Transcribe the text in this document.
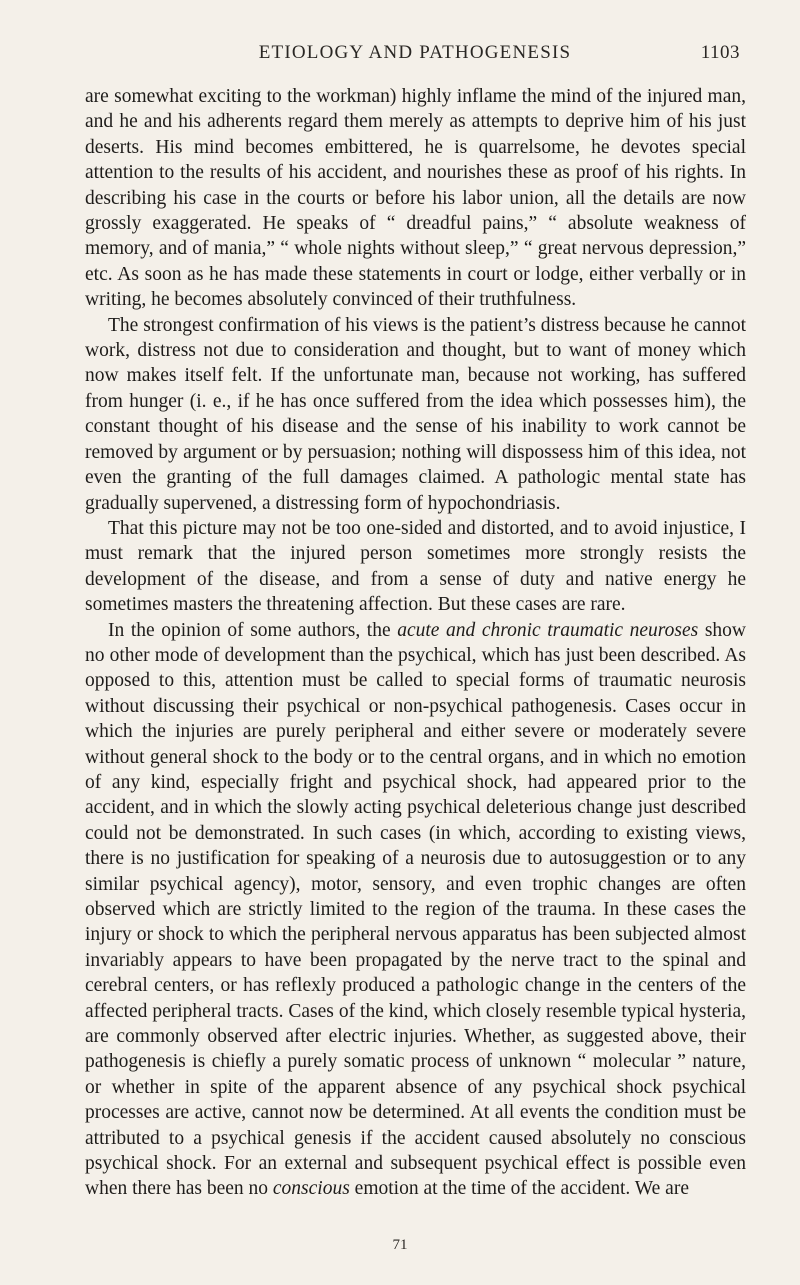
ETIOLOGY AND PATHOGENESIS	1103

are somewhat exciting to the workman) highly inflame the mind of the injured man, and he and his adherents regard them merely as attempts to deprive him of his just deserts. His mind becomes embittered, he is quarrelsome, he devotes special attention to the results of his accident, and nourishes these as proof of his rights. In describing his case in the courts or before his labor union, all the details are now grossly exaggerated. He speaks of “ dreadful pains,” “ absolute weakness of memory, and of mania,” “ whole nights without sleep,” “ great nervous depression,” etc. As soon as he has made these statements in court or lodge, either verbally or in writing, he becomes absolutely convinced of their truthfulness.

The strongest confirmation of his views is the patient’s distress because he cannot work, distress not due to consideration and thought, but to want of money which now makes itself felt. If the unfortunate man, because not working, has suffered from hunger (i. e., if he has once suffered from the idea which possesses him), the constant thought of his disease and the sense of his inability to work cannot be removed by argument or by persuasion; nothing will dispossess him of this idea, not even the granting of the full damages claimed. A pathologic mental state has gradually supervened, a distressing form of hypochondriasis.

That this picture may not be too one-sided and distorted, and to avoid injustice, I must remark that the injured person sometimes more strongly resists the development of the disease, and from a sense of duty and native energy he sometimes masters the threatening affection. But these cases are rare.

In the opinion of some authors, the acute and chronic traumatic neuroses show no other mode of development than the psychical, which has just been described. As opposed to this, attention must be called to special forms of traumatic neurosis without discussing their psychical or non-psychical pathogenesis. Cases occur in which the injuries are purely peripheral and either severe or moderately severe without general shock to the body or to the central organs, and in which no emotion of any kind, especially fright and psychical shock, had appeared prior to the accident, and in which the slowly acting psychical deleterious change just described could not be demonstrated. In such cases (in which, according to existing views, there is no justification for speaking of a neurosis due to autosuggestion or to any similar psychical agency), motor, sensory, and even trophic changes are often observed which are strictly limited to the region of the trauma. In these cases the injury or shock to which the peripheral nervous apparatus has been subjected almost invariably appears to have been propagated by the nerve tract to the spinal and cerebral centers, or has reflexly produced a pathologic change in the centers of the affected peripheral tracts. Cases of the kind, which closely resemble typical hysteria, are commonly observed after electric injuries. Whether, as suggested above, their pathogenesis is chiefly a purely somatic process of unknown “ molecular ” nature, or whether in spite of the apparent absence of any psychical shock psychical processes are active, cannot now be determined. At all events the condition must be attributed to a psychical genesis if the accident caused absolutely no conscious psychical shock. For an external and subsequent psychical effect is possible even when there has been no conscious emotion at the time of the accident. We are

71
